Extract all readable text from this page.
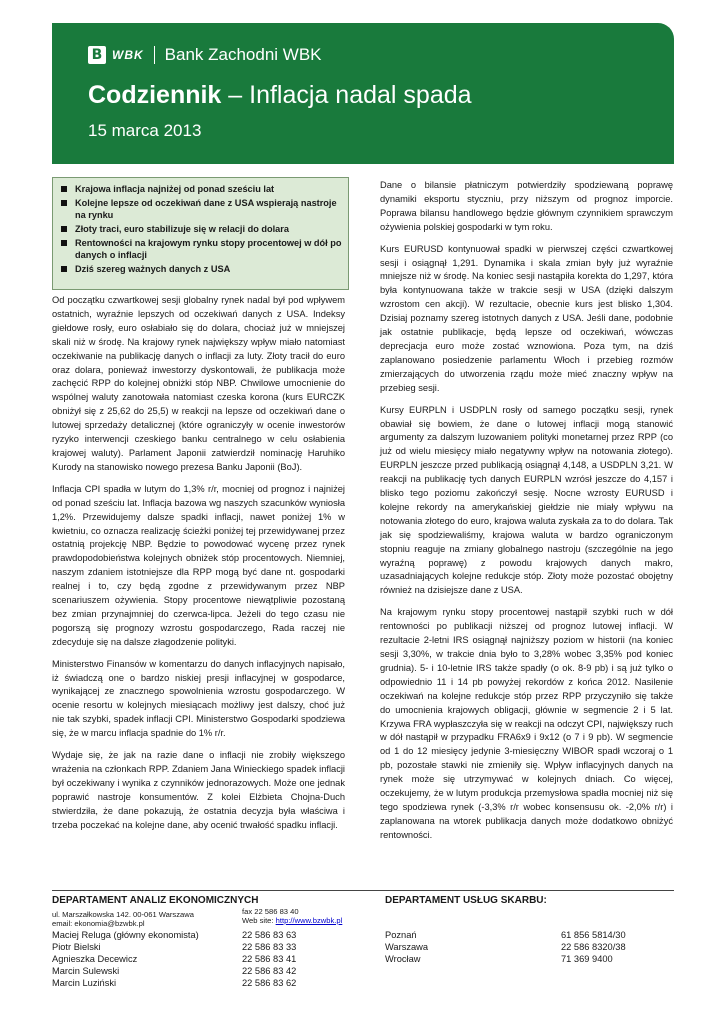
B WBK Bank Zachodni WBK
Codziennik – Inflacja nadal spada
15 marca 2013
Krajowa inflacja najniżej od ponad sześciu lat
Kolejne lepsze od oczekiwań dane z USA wspierają nastroje na rynku
Złoty traci, euro stabilizuje się w relacji do dolara
Rentowności na krajowym rynku stopy procentowej w dół po danych o inflacji
Dziś szereg ważnych danych z USA

Od początku czwartkowej sesji globalny rynek nadal był pod wpływem ostatnich, wyraźnie lepszych od oczekiwań danych z USA. Indeksy giełdowe rosły, euro osłabiało się do dolara, chociaż już w mniejszej skali niż w środę. Na krajowy rynek największy wpływ miało natomiast oczekiwanie na publikację danych o inflacji za luty. Złoty tracił do euro oraz dolara, ponieważ inwestorzy dyskontowali, że publikacja może zachęcić RPP do kolejnej obniżki stóp NBP. Chwilowe umocnienie do wspólnej waluty zanotowała natomiast czeska korona (kurs EURCZK obniżył się z 25,62 do 25,5) w reakcji na lepsze od oczekiwań dane o lutowej sprzedaży detalicznej (które ograniczyły w ocenie inwestorów ryzyko interwencji czeskiego banku centralnego w celu osłabienia krajowej waluty). Parlament Japonii zatwierdził nominację Haruhiko Kurody na stanowisko nowego prezesa Banku Japonii (BoJ).

Inflacja CPI spadła w lutym do 1,3% r/r, mocniej od prognoz i najniżej od ponad sześciu lat. Inflacja bazowa wg naszych szacunków wyniosła 1,2%. Przewidujemy dalsze spadki inflacji, nawet poniżej 1% w kwietniu, co oznacza realizację ścieżki poniżej tej przewidywanej przez ostatnią projekcję NBP. Będzie to powodować wycenę przez rynek prawdopodobieństwa kolejnych obniżek stóp procentowych. Niemniej, naszym zdaniem istotniejsze dla RPP mogą być dane nt. gospodarki realnej i to, czy będą zgodne z przewidywanym przez NBP scenariuszem ożywienia. Stopy procentowe niewątpliwie pozostaną bez zmian przynajmniej do czerwca-lipca. Jeżeli do tego czasu nie pogorszą się prognozy wzrostu gospodarczego, Rada raczej nie zdecyduje się na dalsze złagodzenie polityki.

Ministerstwo Finansów w komentarzu do danych inflacyjnych napisało, iż świadczą one o bardzo niskiej presji inflacyjnej w gospodarce, wynikającej ze znacznego spowolnienia wzrostu gospodarczego. W ocenie resortu w kolejnych miesiącach możliwy jest dalszy, choć już nie tak szybki, spadek inflacji CPI. Ministerstwo Gospodarki spodziewa się, że w marcu inflacja spadnie do 1% r/r.

Wydaje się, że jak na razie dane o inflacji nie zrobiły większego wrażenia na członkach RPP. Zdaniem Jana Winieckiego spadek inflacji był oczekiwany i wynika z czynników jednorazowych. Może one jednak poprawić nastroje konsumentów. Z kolei Elżbieta Chojna-Duch stwierdziła, że dane pokazują, że ostatnia decyzja była właściwa i trzeba poczekać na kolejne dane, aby ocenić trwałość spadku inflacji.

Dane o bilansie płatniczym potwierdziły spodziewaną poprawę dynamiki eksportu styczniu, przy niższym od prognoz imporcie. Poprawa bilansu handlowego będzie głównym czynnikiem sprawczym ożywienia polskiej gospodarki w tym roku.

Kurs EURUSD kontynuował spadki w pierwszej części czwartkowej sesji i osiągnął 1,291. Dynamika i skala zmian były już wyraźnie mniejsze niż w środę. Na koniec sesji nastąpiła korekta do 1,297, która była kontynuowana także w trakcie sesji w USA (dzięki dalszym wzrostom cen akcji). W rezultacie, obecnie kurs jest blisko 1,304. Dzisiaj poznamy szereg istotnych danych z USA. Jeśli dane, podobnie jak ostatnie publikacje, będą lepsze od oczekiwań, wówczas deprecjacja euro może zostać wznowiona. Poza tym, na dziś zaplanowano posiedzenie parlamentu Włoch i przebieg rozmów zmierzających do utworzenia rządu może mieć znaczny wpływ na przebieg sesji.

Kursy EURPLN i USDPLN rosły od samego początku sesji, rynek obawiał się bowiem, że dane o lutowej inflacji mogą stanowić argumenty za dalszym luzowaniem polityki monetarnej przez RPP (co już od wielu miesięcy miało negatywny wpływ na notowania złotego). EURPLN jeszcze przed publikacją osiągnął 4,148, a USDPLN 3,21. W reakcji na publikację tych danych EURPLN wzrósł jeszcze do 4,157 i blisko tego poziomu zakończył sesję. Nocne wzrosty EURUSD i kolejne rekordy na amerykańskiej giełdzie nie miały wpływu na notowania złotego do euro, krajowa waluta zyskała za to do dolara. Tak jak się spodziewaliśmy, krajowa waluta w bardzo ograniczonym stopniu reaguje na zmiany globalnego nastroju (szczególnie na jego wyraźną poprawę) z powodu krajowych danych makro, uzasadniających kolejne redukcje stóp. Złoty może pozostać obojętny również na dzisiejsze dane z USA.

Na krajowym rynku stopy procentowej nastąpił szybki ruch w dół rentowności po publikacji niższej od prognoz lutowej inflacji. W rezultacie 2-letni IRS osiągnął najniższy poziom w historii (na koniec sesji 3,30%, w trakcie dnia było to 3,28% wobec 3,35% pod koniec grudnia). 5- i 10-letnie IRS także spadły (o ok. 8-9 pb) i są już tylko o odpowiednio 11 i 14 pb powyżej rekordów z końca 2012. Nasilenie oczekiwań na kolejne redukcje stóp przez RPP przyczyniło się także do umocnienia krajowych obligacji, głównie w segmencie 2 i 5 lat. Krzywa FRA wypłaszczyła się w reakcji na odczyt CPI, największy ruch w dół nastąpił w przypadku FRA6x9 i 9x12 (o 7 i 9 pb). W segmencie od 1 do 12 miesięcy jedynie 3-miesięczny WIBOR spadł wczoraj o 1 pb, pozostałe stawki nie zmieniły się. Wpływ inflacyjnych danych na rynek może się utrzymywać w kolejnych dniach. Co więcej, oczekujemy, że w lutym produkcja przemysłowa spadła mocniej niż się tego spodziewa rynek (-3,3% r/r wobec konsensusu ok. -2,0% r/r) i zaplanowana na wtorek publikacja danych może dodatkowo obniżyć rentowności.

DEPARTAMENT ANALIZ EKONOMICZNYCH	DEPARTAMENT USŁUG SKARBU:
ul. Marszałkowska 142. 00-061 Warszawa
email: ekonomia@bzwbk.pl
fax 22 586 83 40
Web site: http://www.bzwbk.pl
Maciej Reluga (główny ekonomista)	22 586 83 63
Piotr Bielski	22 586 83 33
Agnieszka Decewicz	22 586 83 41
Marcin Sulewski	22 586 83 42
Marcin Luziński	22 586 83 62
Poznań	61 856 5814/30
Warszawa	22 586 8320/38
Wrocław	71 369 9400
